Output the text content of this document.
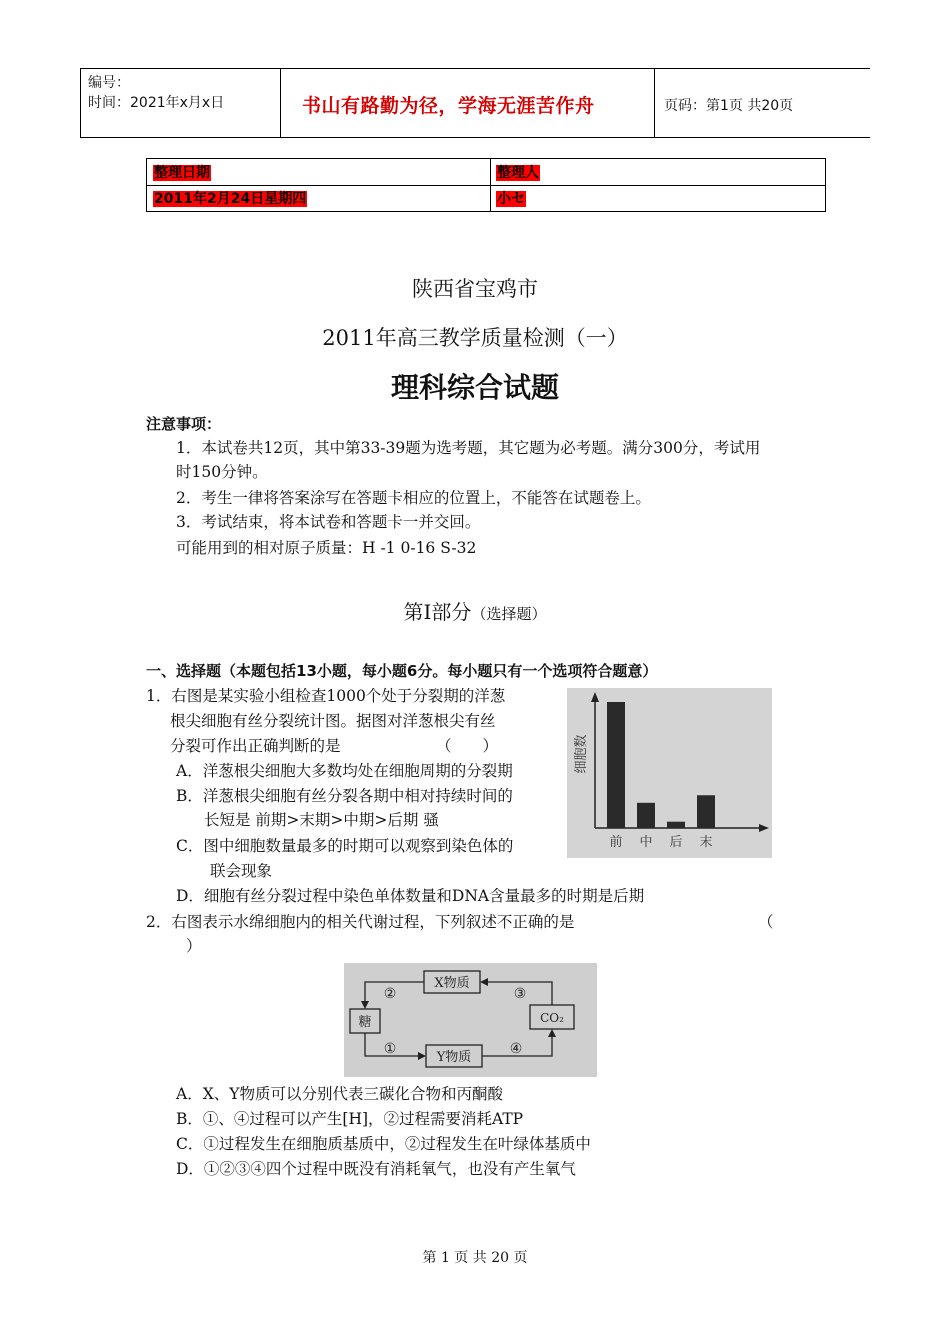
编号：
时间：2021年x月x日	书山有路勤为径，学海无涯苦作舟	页码：第1页 共20页
整理日期	整理人
2011年2月24日星期四	小セ
陕西省宝鸡市
2011年高三教学质量检测（一）
理科综合试题
注意事项：
1．本试卷共12页，其中第33-39题为选考题，其它题为必考题。满分300分，考试用
时150分钟。
2．考生一律将答案涂写在答题卡相应的位置上，不能答在试题卷上。
3．考试结束，将本试卷和答题卡一并交回。
可能用到的相对原子质量：H -1 0-16 S-32
第Ⅰ部分（选择题）
一、选择题（本题包括13小题，每小题6分。每小题只有一个选项符合题意）
1．右图是某实验小组检查1000个处于分裂期的洋葱
根尖细胞有丝分裂统计图。据图对洋葱根尖有丝
分裂可作出正确判断的是	（　　）
A．洋葱根尖细胞大多数均处在细胞周期的分裂期
B．洋葱根尖细胞有丝分裂各期中相对持续时间的
长短是 前期>末期>中期>后期 骚
C．图中细胞数量最多的时期可以观察到染色体的
联会现象
D．细胞有丝分裂过程中染色单体数量和DNA含量最多的时期是后期
细胞数
前 中 后 末
2．右图表示水绵细胞内的相关代谢过程，下列叙述不正确的是	（
）
X物质
糖	CO₂
Y物质
②	③
①	④
A．X、Y物质可以分别代表三碳化合物和丙酮酸
B．①、④过程可以产生[H]，②过程需要消耗ATP
C．①过程发生在细胞质基质中，②过程发生在叶绿体基质中
D．①②③④四个过程中既没有消耗氧气，也没有产生氧气
第 1 页 共 20 页
